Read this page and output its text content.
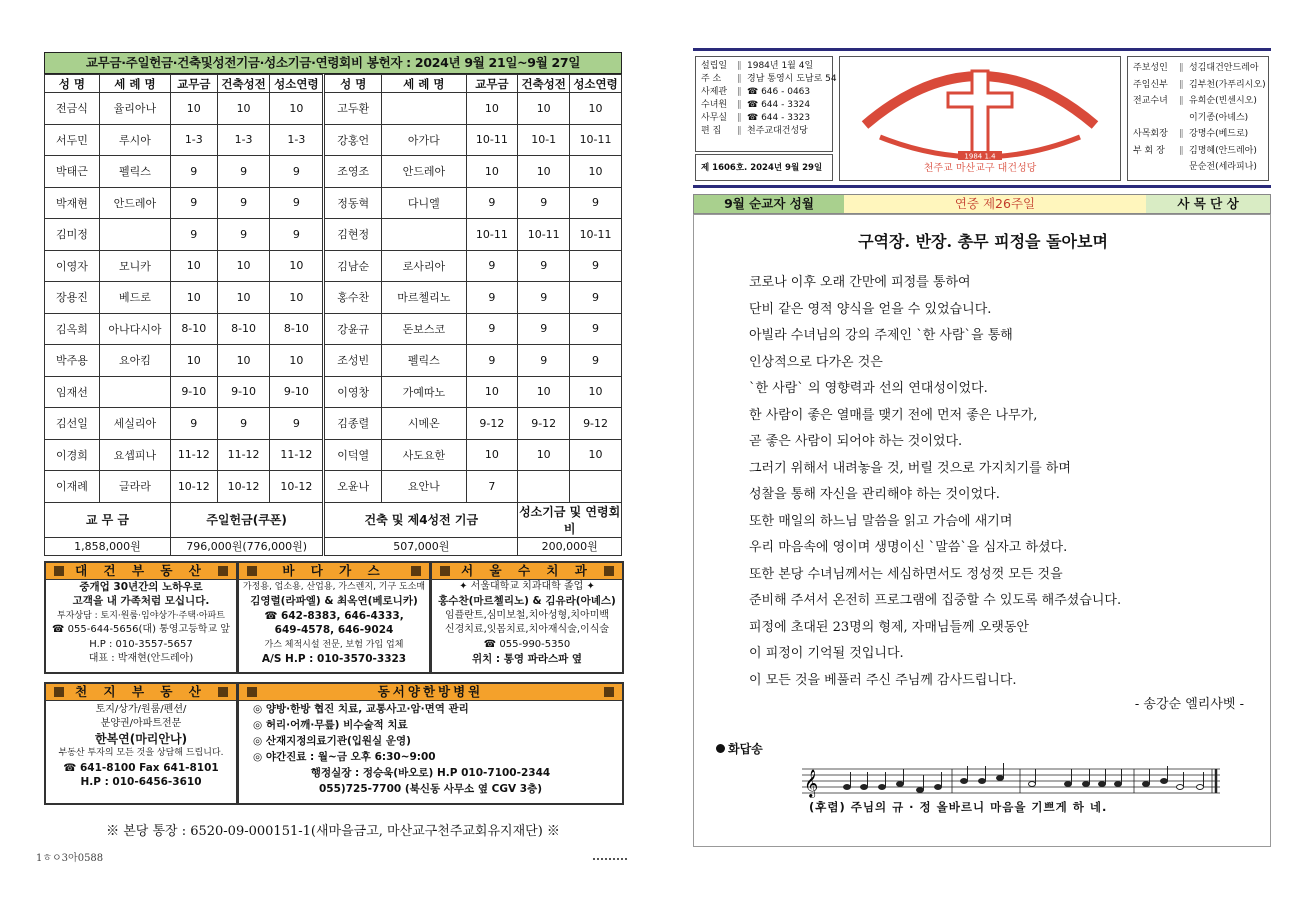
교무금·주일헌금·건축및성전기금·성소기금·연령회비 봉헌자 : 2024년 9월 21일~9월 27일
성 명	세 례 명	교무금	건축성전	성소연령	성 명	세 례 명	교무금	건축성전	성소연령
전금식	율리아나	10	10	10	고두환		10	10	10
서두민	루시아	1-3	1-3	1-3	강홍언	아가다	10-11	10-1	10-11
박태근	펠릭스	9	9	9	조영조	안드레아	10	10	10
박재현	안드레아	9	9	9	정동혁	다니엘	9	9	9
김미정		9	9	9	김현정		10-11	10-11	10-11
이영자	모니카	10	10	10	김남순	로사리아	9	9	9
장용진	베드로	10	10	10	홍수찬	마르첼리노	9	9	9
김옥희	아나다시아	8-10	8-10	8-10	강윤규	돈보스코	9	9	9
박주용	요아킴	10	10	10	조성빈	펠릭스	9	9	9
임재선		9-10	9-10	9-10	이영창	가예따노	10	10	10
김선일	세실리아	9	9	9	김종렬	시메온	9-12	9-12	9-12
이경희	요셉피나	11-12	11-12	11-12	이덕열	사도요한	10	10	10
이재례	글라라	10-12	10-12	10-12	오윤나	요안나	7		
교 무 금		주일헌금(쿠폰)			건축 및 제4성전 기금			성소기금 및 연령회비	
1,858,000원		796,000원(776,000원)			507,000원			200,000원	
대 건 부 동 산
중개업 30년간의 노하우로
고객을 내 가족처럼 모십니다.
투자상담 : 토지·원룸·임야상가·주택·아파트
☎ 055-644-5656(대) 통영고등학교 앞
H.P : 010-3557-5657
대표 : 박재현(안드레아)
바 다 가 스
가정용, 업소용, 산업용, 가스렌지, 기구 도소매
김영렬(라파엘) & 최옥연(베로니카)
☎ 642-8383, 646-4333,
649-4578, 646-9024
가스 체적시설 전문, 보험 가입 업체
A/S H.P : 010-3570-3323
서 울 수 치 과
✦ 서울대학교 치과대학 졸업 ✦
홍수찬(마르첼리노) & 김유라(아녜스)
임플란트,심미보철,치아성형,치아미백
신경치료,잇몸치료,치아재식술,이식술
☎ 055-990-5350
위치 : 통영 파라스파 옆
천 지 부 동 산
토지/상가/원룸/펜션/
분양권/아파트전문
한복연(마리안나)
부동산 투자의 모든 것을 상담해 드립니다.
☎ 641-8100 Fax 641-8101
H.P : 010-6456-3610
동서양한방병원
◎ 양방·한방 협진 치료, 교통사고·암·면역 관리
◎ 허리·어깨·무릎) 비수술적 치료
◎ 산재지정의료기관(입원실 운영)
◎ 야간진료 : 월~금 오후 6:30~9:00
행정실장 : 정승욱(바오로) H.P 010-7100-2344
055)725-7700 (북신동 사무소 옆 CGV 3층)
※ 본당 통장 : 6520-09-000151-1(새마을금고, 마산교구천주교회유지재단) ※
1ㅎㅇ3아0588
설립일 ∥ 1984년 1월 4일
주 소 ∥ 경남 통영시 도남로 54
사제관 ∥ ☎ 646 - 0463
수녀원 ∥ ☎ 644 - 3324
사무실 ∥ ☎ 644 - 3323
편 집 ∥ 천주교대건성당
1984 1.4
천주교 마산교구 대건성당
제 1606호. 2024년 9월 29일
주보성인 ∥ 성김대건안드레아
주임신부 ∥ 김부천(가푸리시오)
전교수녀 ∥ 유희순(빈센시오)
이기종(아녜스)
사목회장 ∥ 강명수(베드로)
부 회 장 ∥ 김명혜(안드레아)
문순전(세라피나)
9월 순교자 성월	연중 제26주일	사 목 단 상
구역장. 반장. 총무 피정을 돌아보며
코로나 이후 오래 간만에 피정를 통하여
단비 같은 영적 양식을 얻을 수 있었습니다.
아빌라 수녀님의 강의 주제인 `한 사람`을 통해
인상적으로 다가온 것은
`한 사람` 의 영향력과 선의 연대성이었다.
한 사람이 좋은 열매를 맺기 전에 먼저 좋은 나무가,
곧 좋은 사람이 되어야 하는 것이었다.
그러기 위해서 내려놓을 것, 버릴 것으로 가지치기를 하며
성찰을 통해 자신을 관리해야 하는 것이었다.
또한 매일의 하느님 말씀을 읽고 가슴에 새기며
우리 마음속에 영이며 생명이신 `말씀`을 심자고 하셨다.
또한 본당 수녀님께서는 세심하면서도 정성껏 모든 것을
준비해 주셔서 온전히 프로그램에 집중할 수 있도록 해주셨습니다.
피정에 초대된 23명의 형제, 자매님들께 오랫동안
이 피정이 기억될 것입니다.
이 모든 것을 베풀러 주신 주님께 감사드립니다.
- 송강순 엘리사벳 -
화답송
𝄞
(후렴) 주님의 규 · 정 올바르니 마음을 기쁘게 하 네.
